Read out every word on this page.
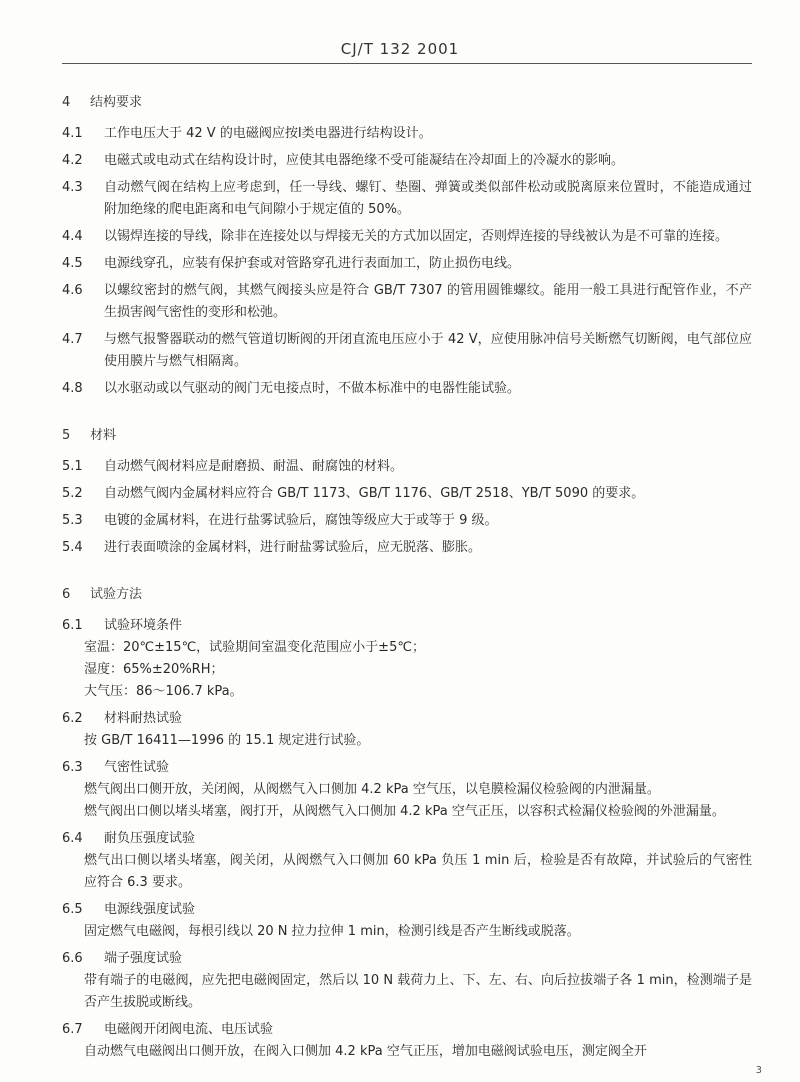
CJ/T 132 2001
4 结构要求
4.1	工作电压大于 42 V 的电磁阀应按Ⅰ类电器进行结构设计。
4.2	电磁式或电动式在结构设计时，应使其电器绝缘不受可能凝结在冷却面上的冷凝水的影响。
4.3	自动燃气阀在结构上应考虑到，任一导线、螺钉、垫圈、弹簧或类似部件松动或脱离原来位置时，不能造成通过附加绝缘的爬电距离和电气间隙小于规定值的 50%。
4.4	以锡焊连接的导线，除非在连接处以与焊接无关的方式加以固定，否则焊连接的导线被认为是不可靠的连接。
4.5	电源线穿孔，应装有保护套或对管路穿孔进行表面加工，防止损伤电线。
4.6	以螺纹密封的燃气阀，其燃气阀接头应是符合 GB/T 7307 的管用圆锥螺纹。能用一般工具进行配管作业，不产生损害阀气密性的变形和松弛。
4.7	与燃气报警器联动的燃气管道切断阀的开闭直流电压应小于 42 V，应使用脉冲信号关断燃气切断阀，电气部位应使用膜片与燃气相隔离。
4.8	以水驱动或以气驱动的阀门无电接点时，不做本标准中的电器性能试验。
5 材料
5.1	自动燃气阀材料应是耐磨损、耐温、耐腐蚀的材料。
5.2	自动燃气阀内金属材料应符合 GB/T 1173、GB/T 1176、GB/T 2518、YB/T 5090 的要求。
5.3	电镀的金属材料，在进行盐雾试验后，腐蚀等级应大于或等于 9 级。
5.4	进行表面喷涂的金属材料，进行耐盐雾试验后，应无脱落、膨胀。
6 试验方法
6.1	试验环境条件
室温：20℃±15℃，试验期间室温变化范围应小于±5℃；
湿度：65%±20%RH；
大气压：86～106.7 kPa。
6.2	材料耐热试验
按 GB/T 16411—1996 的 15.1 规定进行试验。
6.3	气密性试验
燃气阀出口侧开放，关闭阀，从阀燃气入口侧加 4.2 kPa 空气压，以皂膜检漏仪检验阀的内泄漏量。
燃气阀出口侧以堵头堵塞，阀打开，从阀燃气入口侧加 4.2 kPa 空气正压，以容积式检漏仪检验阀的外泄漏量。
6.4	耐负压强度试验
燃气出口侧以堵头堵塞，阀关闭，从阀燃气入口侧加 60 kPa 负压 1 min 后，检验是否有故障，并试验后的气密性应符合 6.3 要求。
6.5	电源线强度试验
固定燃气电磁阀，每根引线以 20 N 拉力拉伸 1 min，检测引线是否产生断线或脱落。
6.6	端子强度试验
带有端子的电磁阀，应先把电磁阀固定，然后以 10 N 载荷力上、下、左、右、向后拉拔端子各 1 min，检测端子是否产生拔脱或断线。
6.7	电磁阀开闭阀电流、电压试验
自动燃气电磁阀出口侧开放，在阀入口侧加 4.2 kPa 空气正压，增加电磁阀试验电压，测定阀全开
3
